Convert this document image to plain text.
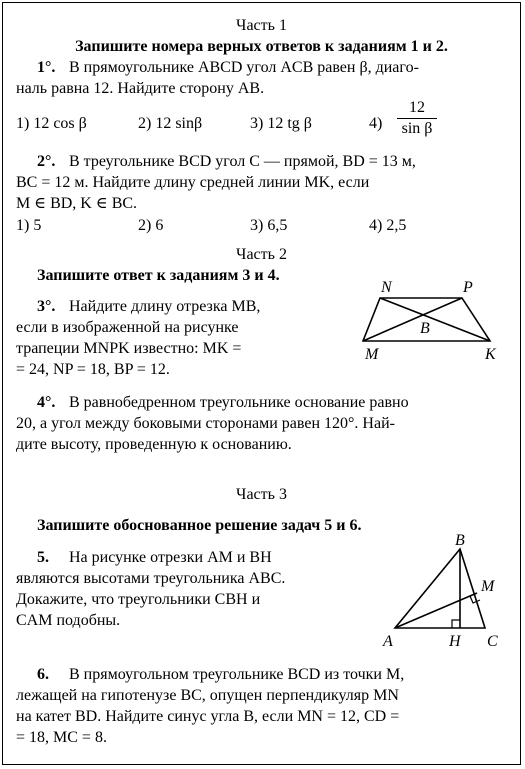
Часть 1
Запишите номера верных ответов к заданиям 1 и 2.
1°. В прямоугольнике ABCD угол ACB равен β, диаго-
наль равна 12. Найдите сторону AB.
1) 12 cos β	2) 12 sinβ	3) 12 tg β	4)
12
sin β
2°. В треугольнике BCD угол C — прямой, BD = 13 м,
BC = 12 м. Найдите длину средней линии MK, если
M ∈ BD, K ∈ BC.
1) 5	2) 6	3) 6,5	4) 2,5
Часть 2
Запишите ответ к заданиям 3 и 4.
3°. Найдите длину отрезка MB,
если в изображенной на рисунке
трапеции MNPK известно: MK =
= 24, NP = 18, BP = 12.
N	P
B
M	K
4°. В равнобедренном треугольнике основание равно
20, а угол между боковыми сторонами равен 120°. Най-
дите высоту, проведенную к основанию.
Часть 3
Запишите обоснованное решение задач 5 и 6.
5. На рисунке отрезки AM и BH
являются высотами треугольника ABC.
Докажите, что треугольники CBH и
CAM подобны.
B
M
A	H C
6. В прямоугольном треугольнике BCD из точки M,
лежащей на гипотенузе BC, опущен перпендикуляр MN
на катет BD. Найдите синус угла B, если MN = 12, CD =
= 18, MC = 8.
